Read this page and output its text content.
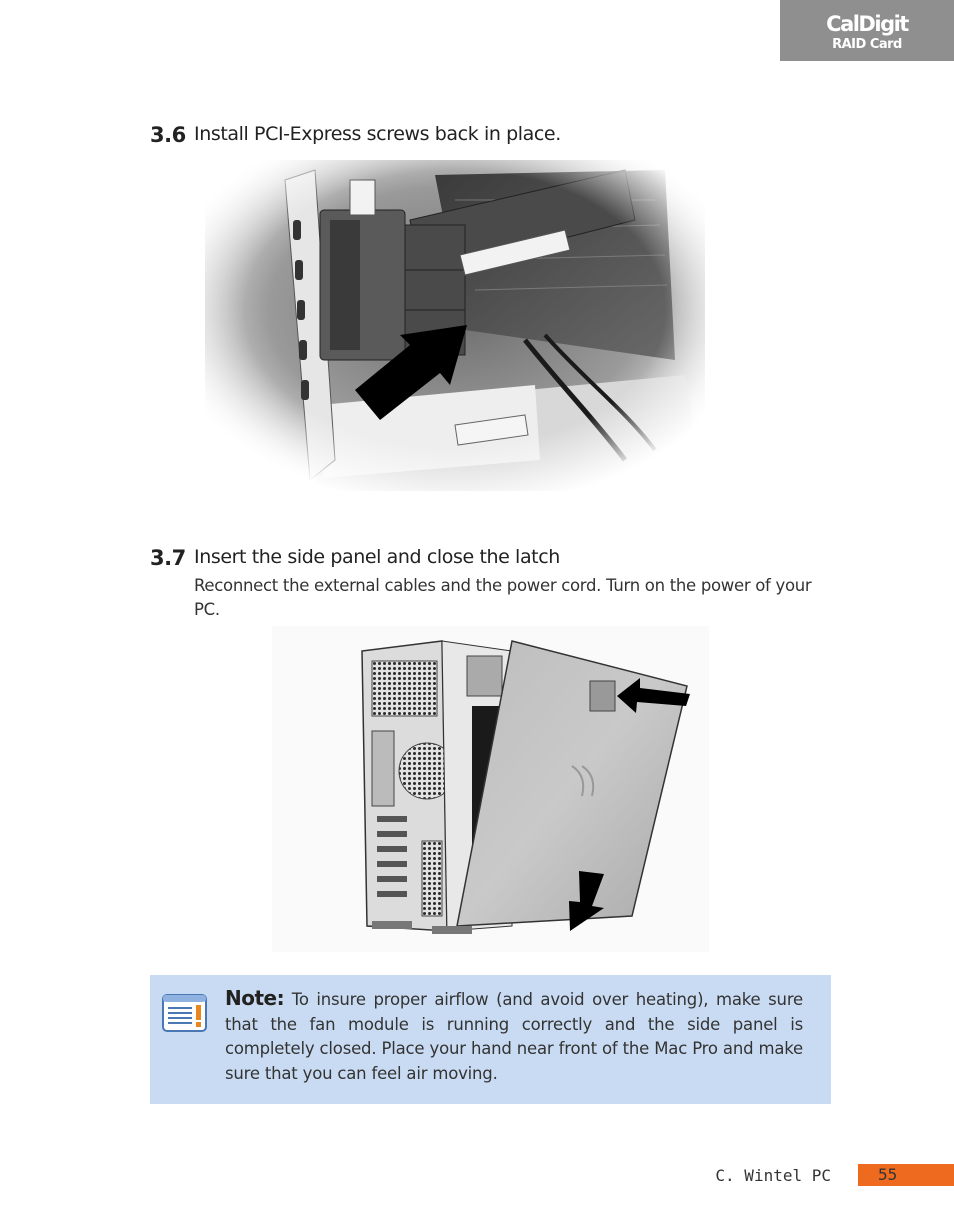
CalDigit
RAID Card
3.6 Install PCI-Express screws back in place.
3.7 Insert the side panel and close the latch
Reconnect the external cables and the power cord. Turn on the power of your PC.
Note: To insure proper airflow (and avoid over heating), make sure that the fan module is running correctly and the side panel is completely closed. Place your hand near front of the Mac Pro and make sure that you can feel air moving.
C. Wintel PC	55
